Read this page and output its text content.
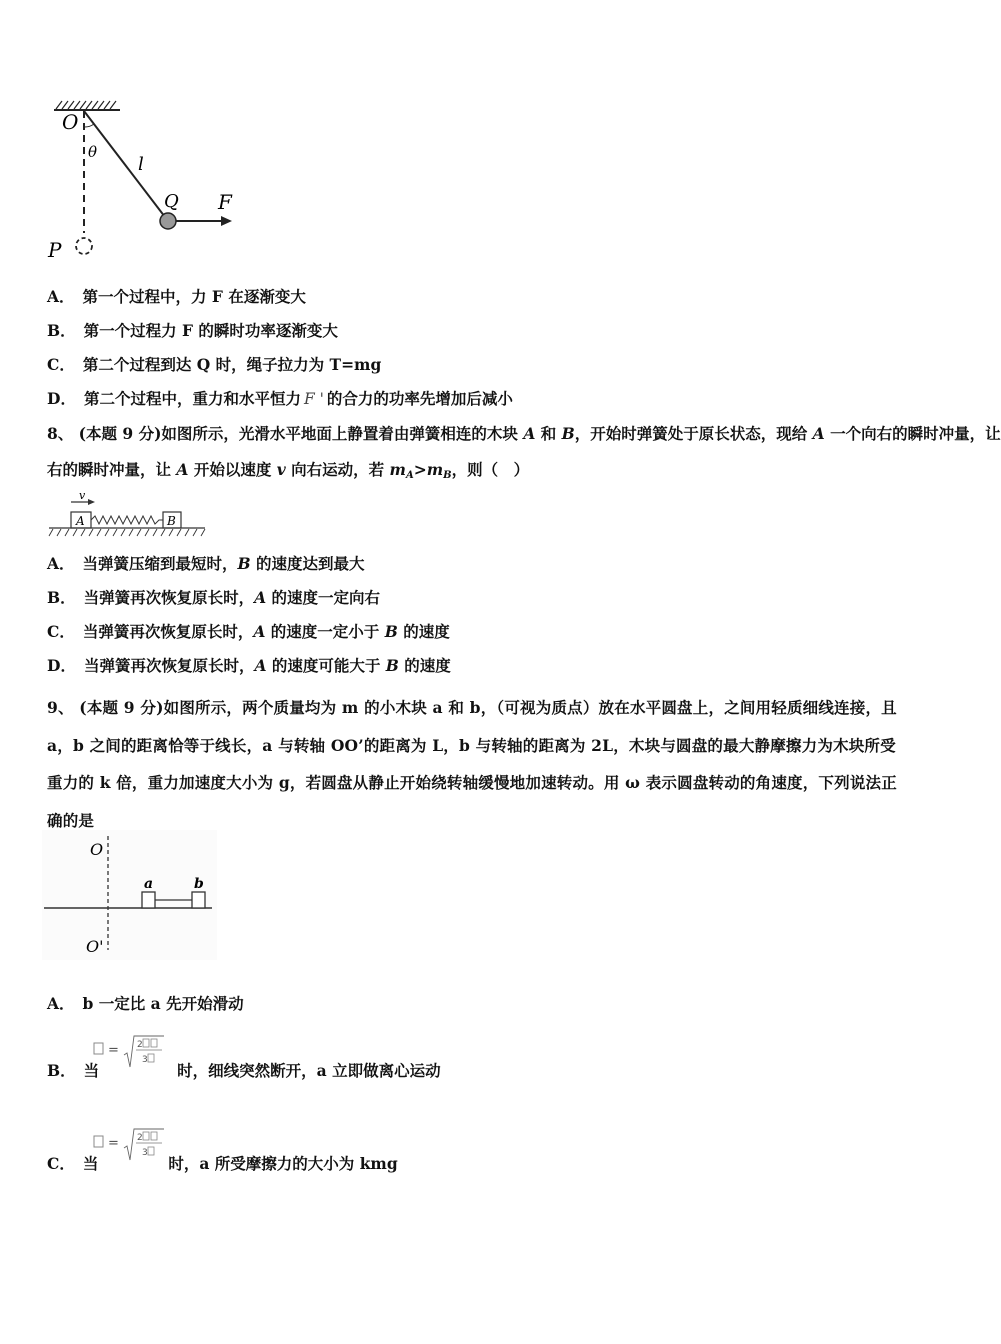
O
θ
l
Q F
P
A． 第一个过程中，力 F 在逐渐变大
B． 第一个过程力 F 的瞬时功率逐渐变大
C． 第二个过程到达 Q 时，绳子拉力为 T=mg
D． 第二个过程中，重力和水平恒力 F ' 的合力的功率先增加后减小
8、 (本题 9 分)如图所示，光滑水平地面上静置着由弹簧相连的木块 A 和 B，开始时弹簧处于原长状态，现给 A 一个向右的瞬时冲量，让
右的瞬时冲量，让 A 开始以速度 v 向右运动，若 $m_A>m_B$，则（　）
v
A	B
A． 当弹簧压缩到最短时，B 的速度达到最大
B． 当弹簧再次恢复原长时，A 的速度一定向右
C． 当弹簧再次恢复原长时，A 的速度一定小于 B 的速度
D． 当弹簧再次恢复原长时，A 的速度可能大于 B 的速度
9、 (本题 9 分)如图所示，两个质量均为 m 的小木块 a 和 b，（可视为质点）放在水平圆盘上，之间用轻质细线连接，且 a，b 之间的距离恰等于线长，a 与转轴 OO’的距离为 L，b 与转轴的距离为 2L，木块与圆盘的最大静摩擦力为木块所受重力的 k 倍，重力加速度大小为 g，若圆盘从静止开始绕转轴缓慢地加速转动。用 ω 表示圆盘转动的角速度，下列说法正确的是
O
O'
a	b
A． b 一定比 a 先开始滑动
B． 当	时，细线突然断开，a 立即做离心运动
= 2
3
C． 当	时，a 所受摩擦力的大小为 kmg
= 2
3
